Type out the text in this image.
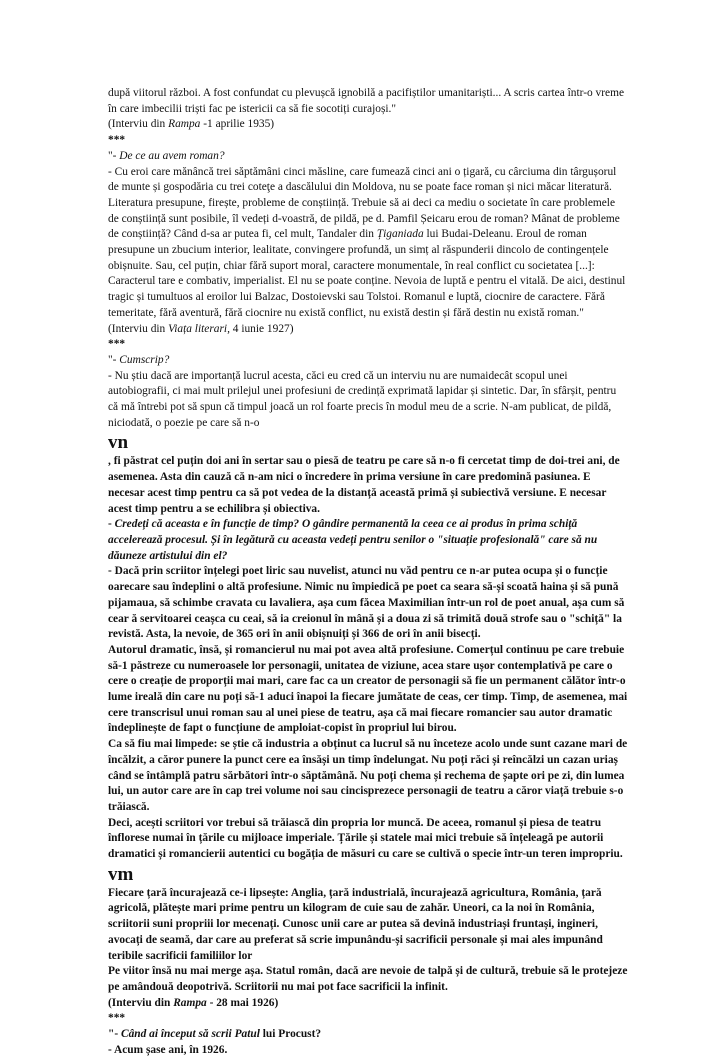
după viitorul război. A fost confundat cu plevușcă ignobilă a pacifiștilor umanitariști... A scris cartea într-o vreme în care imbecilii triști fac pe istericii ca să fie socotiți curajoși."

(Interviu din Rampa -1 aprilie 1935)

***

"- De ce au avem roman?

- Cu eroi care mănâncă trei săptămâni cinci măsline, care fumează cinci ani o țigară, cu cârciuma din târgușorul de munte și gospodăria cu trei coteţe a dascălului din Moldova, nu se poate face roman și nici măcar literatură. Literatura presupune, firește, probleme de conștiință. Trebuie să ai deci ca mediu o societate în care problemele de conștiință sunt posibile, îl vedeți d-voastră, de pildă, pe d. Pamfil Șeicaru erou de roman? Mânat de probleme de conștiință? Când d-sa ar putea fi, cel mult, Tandaler din Țiganiada lui Budai-Deleanu. Eroul de roman presupune un zbucium interior, lealitate, convingere profundă, un simț al răspunderii dincolo de contingențele obișnuite. Sau, cel puțin, chiar fără suport moral, caractere monumentale, în real conflict cu societatea [...]: Caracterul tare e combativ, imperialist. El nu se poate conține. Nevoia de luptă e pentru el vitală. De aici, destinul tragic și tumultuos al eroilor lui Balzac, Dostoievski sau Tolstoi. Romanul e luptă, ciocnire de caractere. Fără temeritate, fără aventură, fără ciocnire nu există conflict, nu există destin și fără destin nu există roman."

(Interviu din Viața literari, 4 iunie 1927)

***

"- Cumscrip?

- Nu știu dacă are importanță lucrul acesta, căci eu cred că un interviu nu are numaidecât scopul unei autobiografii, ci mai mult prilejul unei profesiuni de credință exprimată lapidar și sintetic. Dar, în sfârșit, pentru că mă întrebi pot să spun că timpul joacă un rol foarte precis în modul meu de a scrie. N-am publicat, de pildă, niciodată, o poezie pe care să n-o

vn

, fi păstrat cel puțin doi ani în sertar sau o piesă de teatru pe care să n-o fi cercetat timp de doi-trei ani, de asemenea. Asta din cauză că n-am nici o încredere în prima versiune în care predomină pasiunea. E necesar acest timp pentru ca să pot vedea de la distanță această primă și subiectivă versiune. E necesar acest timp pentru a se echilibra și obiectiva.

- Credeți că aceasta e în funcție de timp? O gândire permanentă la ceea ce ai produs în prima schiță accelerează procesul. Și în legătură cu aceasta vedeți pentru senilor o "situație profesională" care să nu dăuneze artistului din el?

- Dacă prin scriitor înțelegi poet liric sau nuvelist, atunci nu văd pentru ce n-ar putea ocupa și o funcție oarecare sau îndeplini o altă profesiune. Nimic nu împiedică pe poet ca seara să-și scoată haina și să pună pijamaua, să schimbe cravata cu lavaliera, așa cum făcea Maximilian într-un rol de poet anual, așa cum să cear ă servitoarei ceașca cu ceai, să ia creionul în mână și a doua zi să trimită două strofe sau o "schiță" la revistă. Asta, la nevoie, de 365 ori în anii obișnuiți și 366 de ori în anii bisecți.

Autorul dramatic, însă, și romancierul nu mai pot avea altă profesiune. Comerțul continuu pe care trebuie să-1 păstreze cu numeroasele lor personagii, unitatea de viziune, acea stare ușor contemplativă pe care o cere o creație de proporții mai mari, care fac ca un creator de personagii să fie un permanent călător într-o lume ireală din care nu poți să-1 aduci înapoi la fiecare jumătate de ceas, cer timp. Timp, de asemenea, mai cere transcrisul unui roman sau al unei piese de teatru, așa că mai fiecare romancier sau autor dramatic îndeplinește de fapt o funcțiune de amploiat-copist în propriul lui birou.

Ca să fiu mai limpede: se știe că industria a obținut ca lucrul să nu înceteze acolo unde sunt cazane mari de încălzit, a căror punere la punct cere ea însăși un timp îndelungat. Nu poți răci și reîncălzi un cazan uriaș când se întâmplă patru sărbători într-o săptămână. Nu poți chema și rechema de șapte ori pe zi, din lumea lui, un autor care are în cap trei volume noi sau cincisprezece personagii de teatru a căror viață trebuie s-o trăiască.

Deci, acești scriitori vor trebui să trăiască din propria lor muncă. De aceea, romanul și piesa de teatru înflorese numai în țările cu mijloace imperiale. Țările și statele mai mici trebuie să înțeleagă pe autorii dramatici și romancierii autentici cu bogăția de măsuri cu care se cultivă o specie într-un teren impropriu.

vm

Fiecare țară încurajează ce-i lipsește: Anglia, țară industrială, încurajează agricultura, România, țară agricolă, plătește mari prime pentru un kilogram de cuie sau de zahăr. Uneori, ca la noi în România, scriitorii suni propriii lor mecenați. Cunosc unii care ar putea să devină industriași fruntași, ingineri, avocați de seamă, dar care au preferat să scrie impunându-și sacrificii personale și mai ales impunând teribile sacrificii familiilor lor

Pe viitor însă nu mai merge așa. Statul român, dacă are nevoie de talpă și de cultură, trebuie să le protejeze pe amândouă deopotrivă. Scriitorii nu mai pot face sacrificii la infinit.

(Interviu din Rampa - 28 mai 1926)

***

"- Când ai început să scrii Patul lui Procust?

- Acum șase ani, în 1926.
